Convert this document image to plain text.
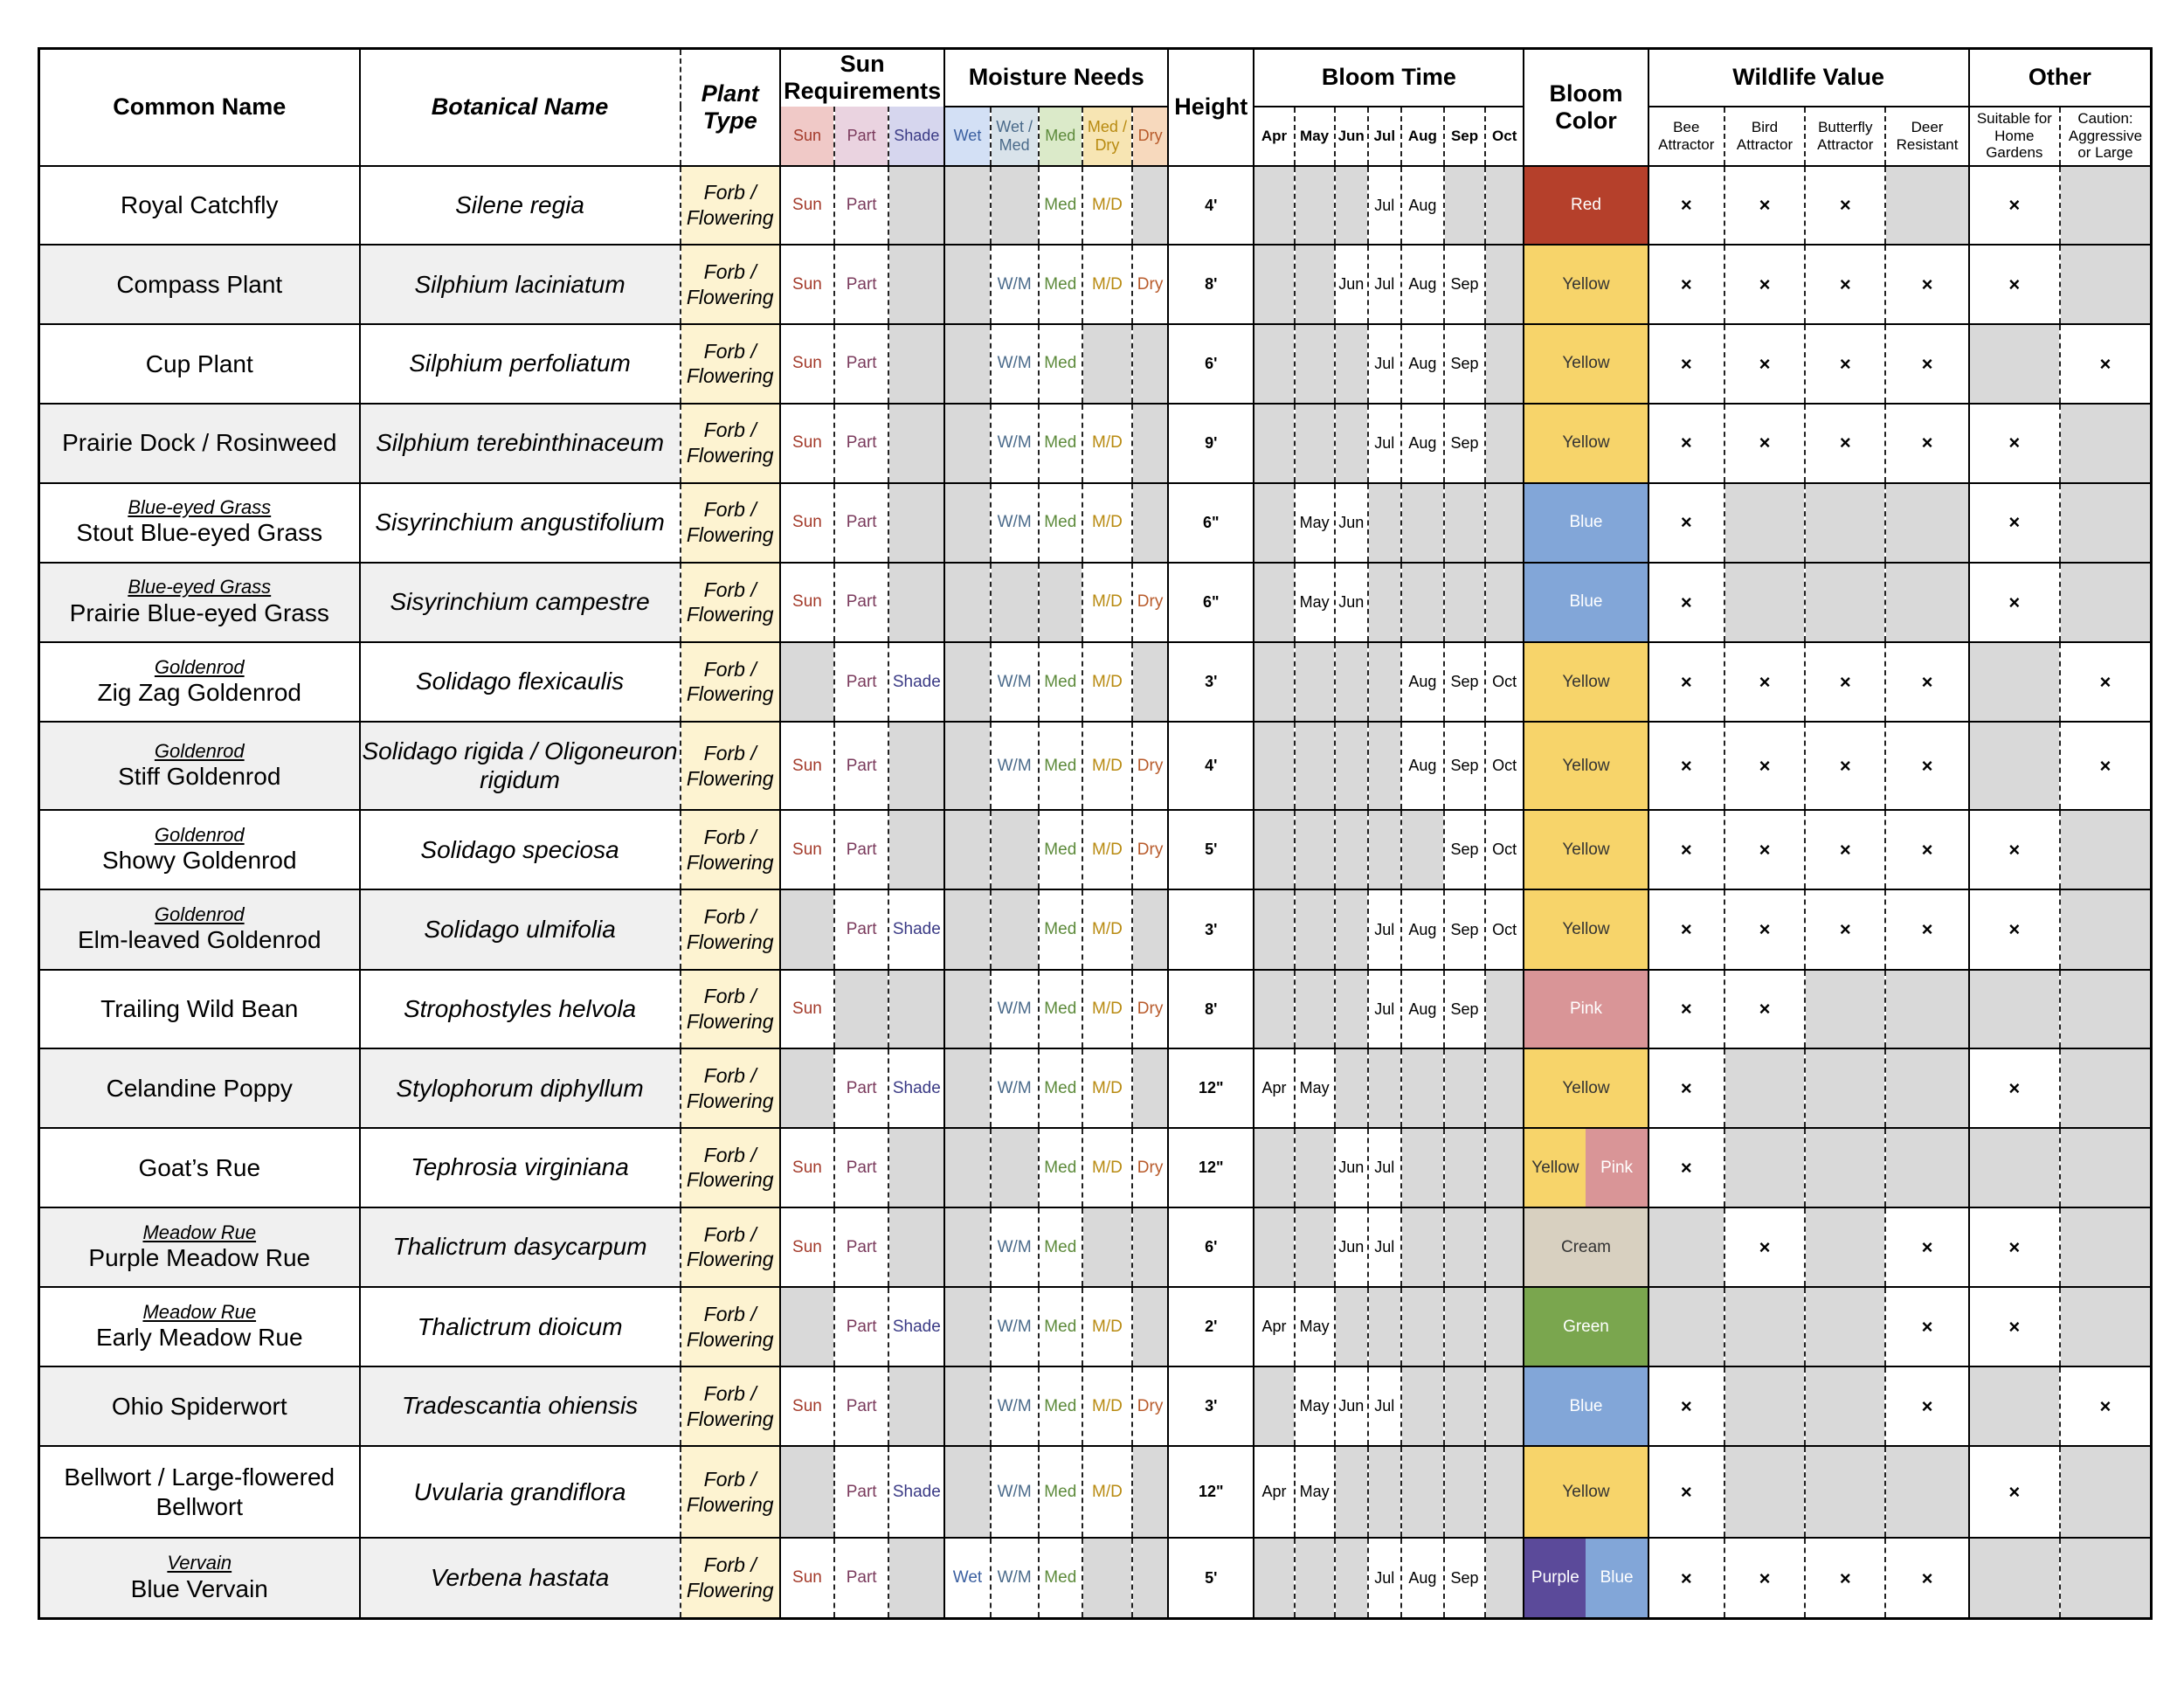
Common Name	Botanical Name	Plant Type	Sun Requirements			Moisture Needs					Height	Bloom Time							Bloom Color	Wildlife Value				Other	
			Sun	Part	Shade	Wet	Wet / Med	Med	Med / Dry	Dry		Apr	May	Jun	Jul	Aug	Sep	Oct		Bee Attractor	Bird Attractor	Butterfly Attractor	Deer Resistant	Suitable for Home Gardens	Caution: Aggressive or Large

Royal Catchfly	Silene regia	Forb / Flowering	Sun	Part				Med	M/D		4'				Jul	Aug			Red	×	×	×		×	

Compass Plant	Silphium laciniatum	Forb / Flowering	Sun	Part			W/M	Med	M/D	Dry	8'			Jun	Jul	Aug	Sep		Yellow	×	×	×	×	×	

Cup Plant	Silphium perfoliatum	Forb / Flowering	Sun	Part			W/M	Med			6'				Jul	Aug	Sep		Yellow	×	×	×	×		×

Prairie Dock / Rosinweed	Silphium terebinthinaceum	Forb / Flowering	Sun	Part			W/M	Med	M/D		9'				Jul	Aug	Sep		Yellow	×	×	×	×	×	

Blue-eyed Grass
Stout Blue-eyed Grass	Sisyrinchium angustifolium	Forb / Flowering	Sun	Part			W/M	Med	M/D		6"		May	Jun					Blue	×				×	

Blue-eyed Grass
Prairie Blue-eyed Grass	Sisyrinchium campestre	Forb / Flowering	Sun	Part					M/D	Dry	6"		May	Jun					Blue	×				×	

Goldenrod
Zig Zag Goldenrod	Solidago flexicaulis	Forb / Flowering		Part	Shade		W/M	Med	M/D		3'					Aug	Sep	Oct	Yellow	×	×	×	×		×

Goldenrod
Stiff Goldenrod	Solidago rigida / Oligoneuron rigidum	Forb / Flowering	Sun	Part			W/M	Med	M/D	Dry	4'					Aug	Sep	Oct	Yellow	×	×	×	×		×

Goldenrod
Showy Goldenrod	Solidago speciosa	Forb / Flowering	Sun	Part				Med	M/D	Dry	5'						Sep	Oct	Yellow	×	×	×	×	×	

Goldenrod
Elm-leaved Goldenrod	Solidago ulmifolia	Forb / Flowering		Part	Shade			Med	M/D		3'				Jul	Aug	Sep	Oct	Yellow	×	×	×	×	×	

Trailing Wild Bean	Strophostyles helvola	Forb / Flowering	Sun				W/M	Med	M/D	Dry	8'				Jul	Aug	Sep		Pink	×	×				

Celandine Poppy	Stylophorum diphyllum	Forb / Flowering		Part	Shade		W/M	Med	M/D		12"	Apr	May						Yellow	×				×	

Goat’s Rue	Tephrosia virginiana	Forb / Flowering	Sun	Part				Med	M/D	Dry	12"			Jun	Jul				Yellow Pink	×					

Meadow Rue
Purple Meadow Rue	Thalictrum dasycarpum	Forb / Flowering	Sun	Part			W/M	Med			6'			Jun	Jul				Cream		×		×	×	

Meadow Rue
Early Meadow Rue	Thalictrum dioicum	Forb / Flowering		Part	Shade		W/M	Med	M/D		2'	Apr	May						Green				×	×	

Ohio Spiderwort	Tradescantia ohiensis	Forb / Flowering	Sun	Part			W/M	Med	M/D	Dry	3'		May	Jun	Jul				Blue	×			×		×

Bellwort / Large-flowered Bellwort	Uvularia grandiflora	Forb / Flowering		Part	Shade		W/M	Med	M/D		12"	Apr	May						Yellow	×				×	

Vervain
Blue Vervain	Verbena hastata	Forb / Flowering	Sun	Part		Wet	W/M	Med			5'				Jul	Aug	Sep		Purple Blue	×	×	×	×		
